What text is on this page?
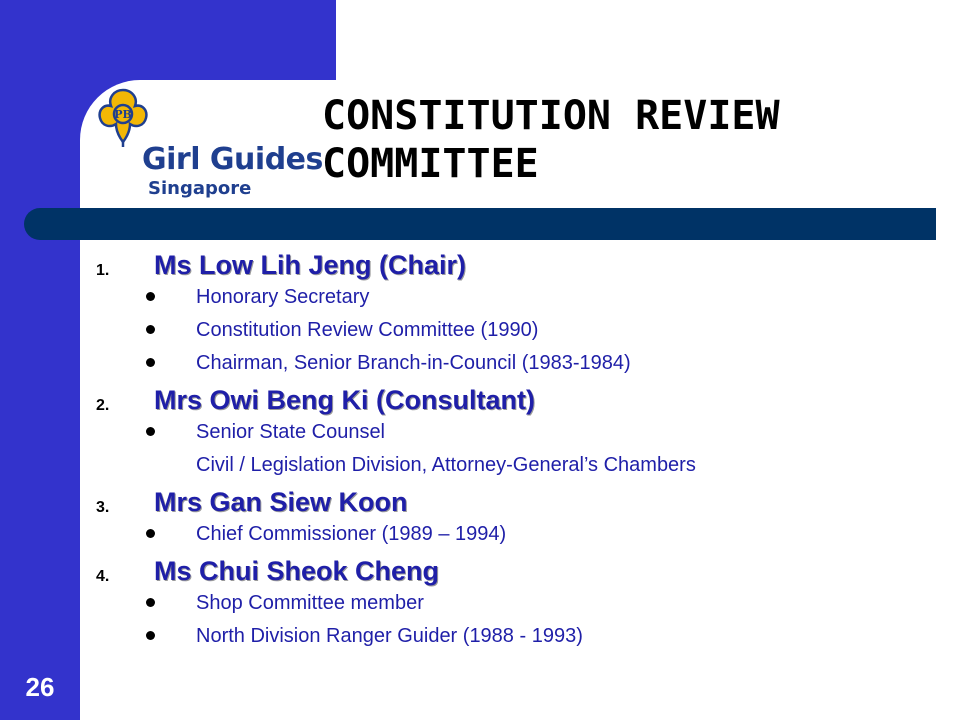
26
PB
Girl Guides
Singapore
CONSTITUTION REVIEW
COMMITTEE
1. Ms Low Lih Jeng (Chair)
Honorary Secretary
Constitution Review Committee (1990)
Chairman, Senior Branch-in-Council (1983-1984)
2. Mrs Owi Beng Ki (Consultant)
Senior State Counsel
Civil / Legislation Division, Attorney-General’s Chambers
3. Mrs Gan Siew Koon
Chief Commissioner (1989 – 1994)
4. Ms Chui Sheok Cheng
Shop Committee member
North Division Ranger Guider (1988 - 1993)
